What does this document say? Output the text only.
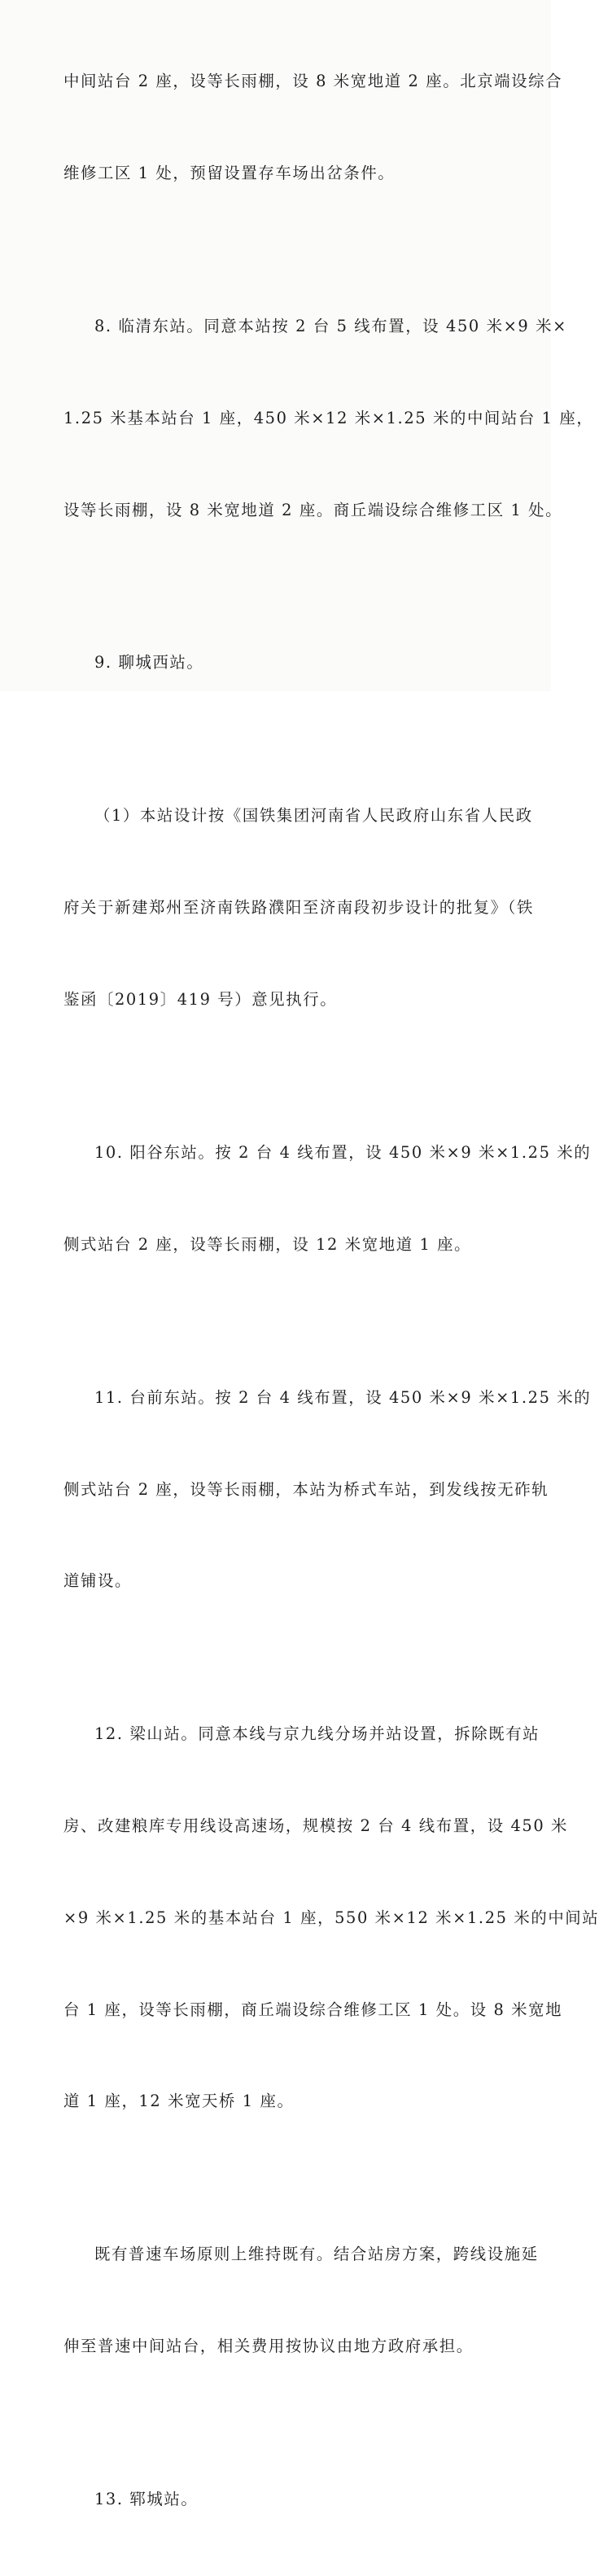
中间站台 2 座，设等长雨棚，设 8 米宽地道 2 座。北京端设综合

维修工区 1 处，预留设置存车场出岔条件。

8. 临清东站。同意本站按 2 台 5 线布置，设 450 米×9 米×

1.25 米基本站台 1 座，450 米×12 米×1.25 米的中间站台 1 座，

设等长雨棚，设 8 米宽地道 2 座。商丘端设综合维修工区 1 处。

9. 聊城西站。

（1）本站设计按《国铁集团河南省人民政府山东省人民政

府关于新建郑州至济南铁路濮阳至济南段初步设计的批复》（铁

鉴函〔2019〕419 号）意见执行。

10. 阳谷东站。按 2 台 4 线布置，设 450 米×9 米×1.25 米的

侧式站台 2 座，设等长雨棚，设 12 米宽地道 1 座。

11. 台前东站。按 2 台 4 线布置，设 450 米×9 米×1.25 米的

侧式站台 2 座，设等长雨棚，本站为桥式车站，到发线按无砟轨

道铺设。

12. 梁山站。同意本线与京九线分场并站设置，拆除既有站

房、改建粮库专用线设高速场，规模按 2 台 4 线布置，设 450 米

×9 米×1.25 米的基本站台 1 座，550 米×12 米×1.25 米的中间站

台 1 座，设等长雨棚，商丘端设综合维修工区 1 处。设 8 米宽地

道 1 座，12 米宽天桥 1 座。

既有普速车场原则上维持既有。结合站房方案，跨线设施延

伸至普速中间站台，相关费用按协议由地方政府承担。

13. 郓城站。
